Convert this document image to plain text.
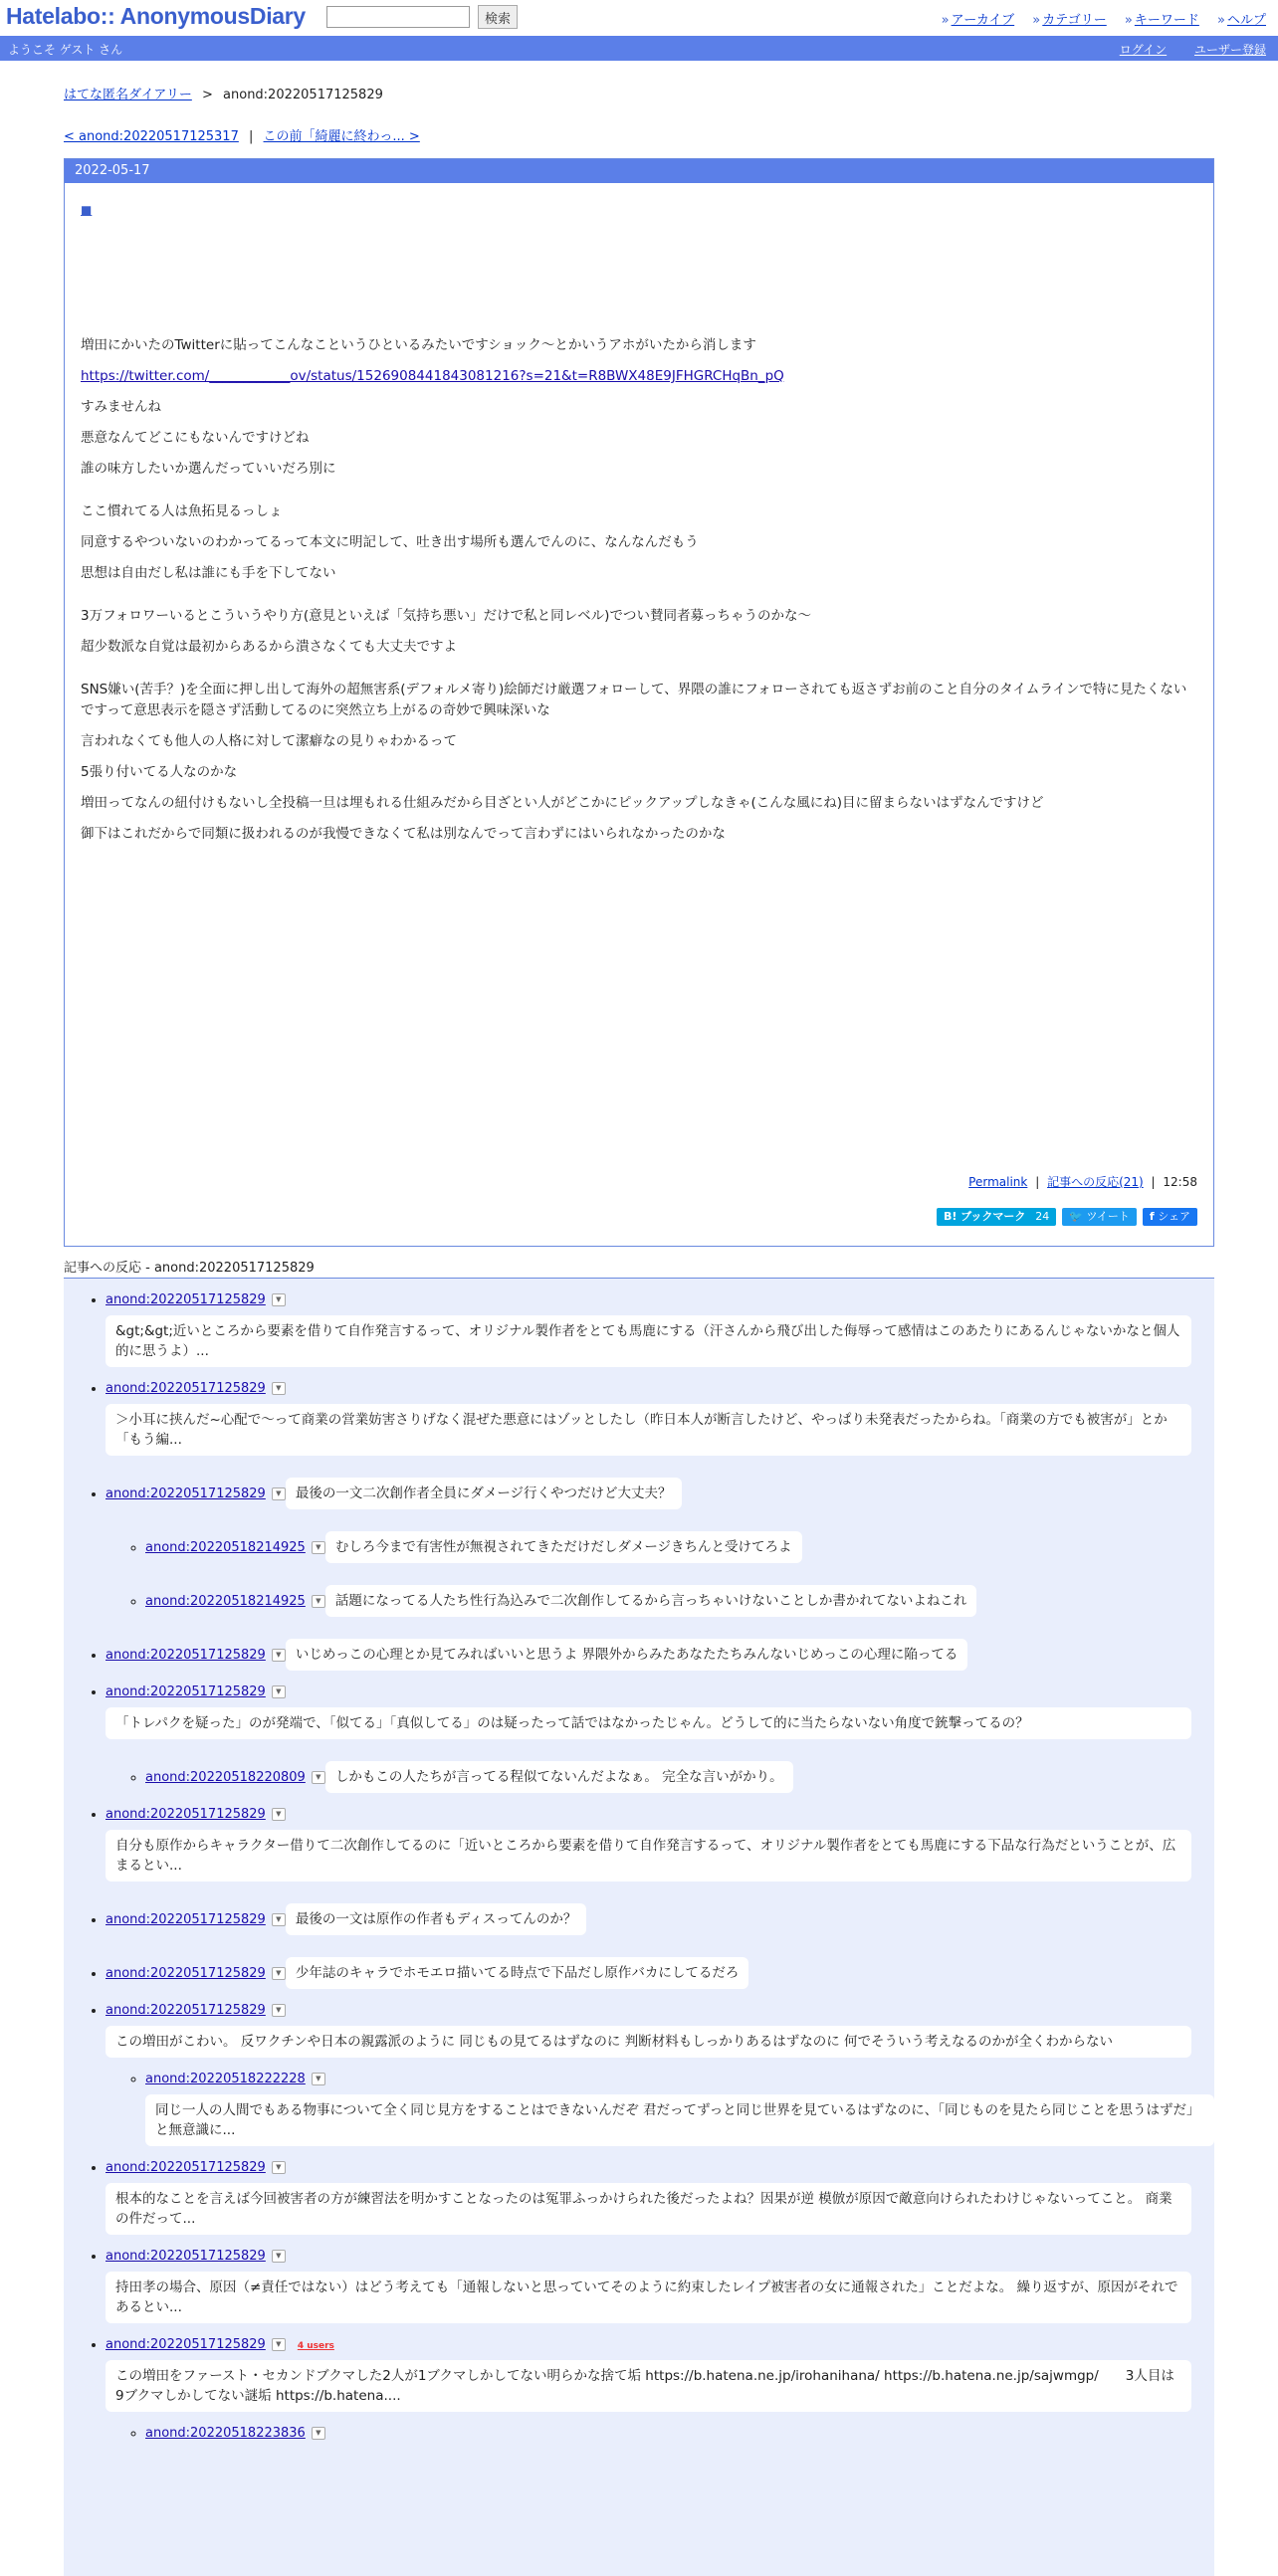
Hatelabo:: AnonymousDiary	検索	» アーカイブ » カテゴリー » キーワード » ヘルプ
ようこそ ゲスト さん	ログイン ユーザー登録
はてな匿名ダイアリー > anond:20220517125829
< anond:20220517125317 | この前「綺麗に終わっ... >
2022-05-17
■
増田にかいたのTwitterに貼ってこんなこというひといるみたいですショック〜とかいうアホがいたから消します
https://twitter.com/____________ov/status/1526908441843081216?s=21&t=R8BWX48E9JFHGRCHqBn_pQ
すみませんね
悪意なんてどこにもないんですけどね
誰の味方したいか選んだっていいだろ別に
ここ慣れてる人は魚拓見るっしょ
同意するやついないのわかってるって本文に明記して、吐き出す場所も選んでんのに、なんなんだもう
思想は自由だし私は誰にも手を下してない
3万フォロワーいるとこういうやり方(意見といえば「気持ち悪い」だけで私と同レベル)でつい賛同者募っちゃうのかな〜
超少数派な自覚は最初からあるから潰さなくても大丈夫ですよ
SNS嫌い(苦手？)を全面に押し出して海外の超無害系(デフォルメ寄り)絵師だけ厳選フォローして、界隈の誰にフォローされても返さずお前のこと自分のタイムラインで特に見たくないですって意思表示を隠さず活動してるのに突然立ち上がるの奇妙で興味深いな
言われなくても他人の人格に対して潔癖なの見りゃわかるって
5張り付いてる人なのかな
増田ってなんの紐付けもないし全投稿一旦は埋もれる仕組みだから目ざとい人がどこかにピックアップしなきゃ(こんな風にね)目に留まらないはずなんですけど
御下はこれだからで同類に扱われるのが我慢できなくて私は別なんでって言わずにはいられなかったのかな
Permalink | 記事への反応(21) | 12:58
B! ブックマーク 24	🐦 ツイート	f シェア
記事への反応 - anond:20220517125829
• anond:20220517125829 ▼
&gt;&gt;近いところから要素を借りて自作発言するって、オリジナル製作者をとても馬鹿にする（汗さんから飛び出した侮辱って感情はこのあたりにあるんじゃないかなと個人的に思うよ）...
• anond:20220517125829 ▼
＞小耳に挟んだ~心配で～って商業の営業妨害さりげなく混ぜた悪意にはゾッとしたし（昨日本人が断言したけど、やっぱり未発表だったからね。「商業の方でも被害が」とか「もう編...
• anond:20220517125829 ▼ 最後の一文二次創作者全員にダメージ行くやつだけど大丈夫？
◦ anond:20220518214925 ▼ むしろ今まで有害性が無視されてきただけだしダメージきちんと受けてろよ
◦ anond:20220518214925 ▼ 話題になってる人たち性行為込みで二次創作してるから言っちゃいけないことしか書かれてないよねこれ
• anond:20220517125829 ▼ いじめっこの心理とか見てみればいいと思うよ 界隈外からみたあなたたちみんないじめっこの心理に陥ってる
• anond:20220517125829 ▼
「トレパクを疑った」のが発端で、「似てる」「真似してる」のは疑ったって話ではなかったじゃん。どうして的に当たらないない角度で銃撃ってるの？
◦ anond:20220518220809 ▼ しかもこの人たちが言ってる程似てないんだよなぁ。 完全な言いがかり。
• anond:20220517125829 ▼
自分も原作からキャラクター借りて二次創作してるのに「近いところから要素を借りて自作発言するって、オリジナル製作者をとても馬鹿にする下品な行為だということが、広まるとい...
• anond:20220517125829 ▼ 最後の一文は原作の作者もディスってんのか？
• anond:20220517125829 ▼ 少年誌のキャラでホモエロ描いてる時点で下品だし原作バカにしてるだろ
• anond:20220517125829 ▼
この増田がこわい。 反ワクチンや日本の親露派のように 同じもの見てるはずなのに 判断材料もしっかりあるはずなのに 何でそういう考えなるのかが全くわからない
◦ anond:20220518222228 ▼
同じ一人の人間でもある物事について全く同じ見方をすることはできないんだぞ 君だってずっと同じ世界を見ているはずなのに、「同じものを見たら同じことを思うはずだ」と無意識に...
• anond:20220517125829 ▼
根本的なことを言えば今回被害者の方が練習法を明かすことなったのは冤罪ふっかけられた後だったよね？因果が逆 模倣が原因で敵意向けられたわけじゃないってこと。 商業の件だって...
• anond:20220517125829 ▼
持田孝の場合、原因（≠責任ではない）はどう考えても「通報しないと思っていてそのように約束したレイプ被害者の女に通報された」ことだよな。 繰り返すが、原因がそれであるとい...
• anond:20220517125829 ▼ 4 users
この増田をファースト・セカンドブクマした2人が1ブクマしかしてない明らかな捨て垢 https://b.hatena.ne.jp/irohanihana/ https://b.hatena.ne.jp/sajwmgp/　　3人目は9ブクマしかしてない謎垢 https://b.hatena....
◦ anond:20220518223836 ▼
